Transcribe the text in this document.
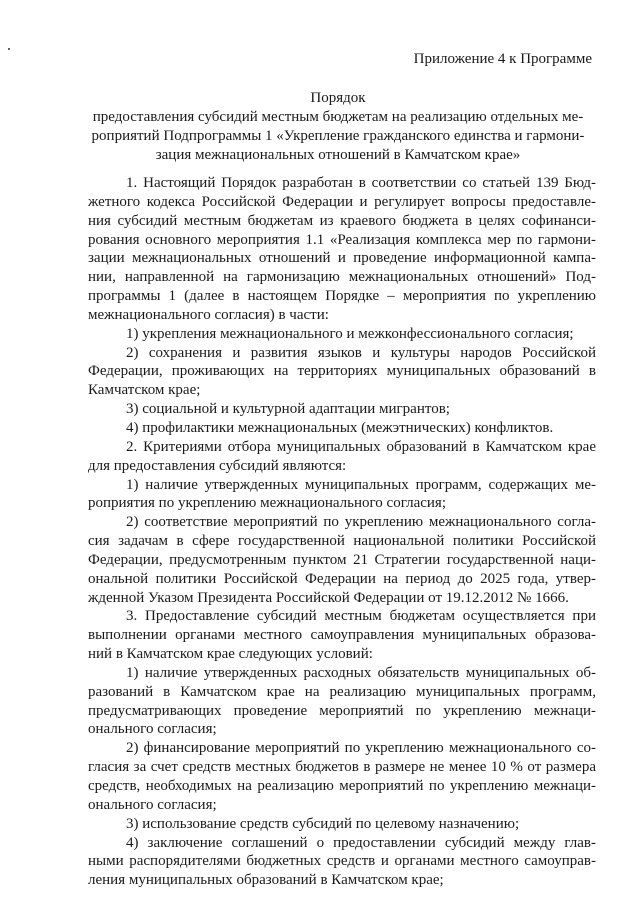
Приложение 4 к Программе
Порядок
предоставления субсидий местным бюджетам на реализацию отдельных ме-
роприятий Подпрограммы 1 «Укрепление гражданского единства и гармони-
зация межнациональных отношений в Камчатском крае»
1. Настоящий Порядок разработан в соответствии со статьей 139 Бюд-
жетного кодекса Российской Федерации и регулирует вопросы предоставле-
ния субсидий местным бюджетам из краевого бюджета в целях софинанси-
рования основного мероприятия 1.1 «Реализация комплекса мер по гармони-
зации межнациональных отношений и проведение информационной кампа-
нии, направленной на гармонизацию межнациональных отношений» Под-
программы 1 (далее в настоящем Порядке – мероприятия по укреплению
межнационального согласия) в части:
1) укрепления межнационального и межконфессионального согласия;
2) сохранения и развития языков и культуры народов Российской
Федерации, проживающих на территориях муниципальных образований в
Камчатском крае;
3) социальной и культурной адаптации мигрантов;
4) профилактики межнациональных (межэтнических) конфликтов.
2. Критериями отбора муниципальных образований в Камчатском крае
для предоставления субсидий являются:
1) наличие утвержденных муниципальных программ, содержащих ме-
роприятия по укреплению межнационального согласия;
2) соответствие мероприятий по укреплению межнационального согла-
сия задачам в сфере государственной национальной политики Российской
Федерации, предусмотренным пунктом 21 Стратегии государственной наци-
ональной политики Российской Федерации на период до 2025 года, утвер-
жденной Указом Президента Российской Федерации от 19.12.2012 № 1666.
3. Предоставление субсидий местным бюджетам осуществляется при
выполнении органами местного самоуправления муниципальных образова-
ний в Камчатском крае следующих условий:
1) наличие утвержденных расходных обязательств муниципальных об-
разований в Камчатском крае на реализацию муниципальных программ,
предусматривающих проведение мероприятий по укреплению межнаци-
онального согласия;
2) финансирование мероприятий по укреплению межнационального со-
гласия за счет средств местных бюджетов в размере не менее 10 % от размера
средств, необходимых на реализацию мероприятий по укреплению межнаци-
онального согласия;
3) использование средств субсидий по целевому назначению;
4) заключение соглашений о предоставлении субсидий между глав-
ными распорядителями бюджетных средств и органами местного самоуправ-
ления муниципальных образований в Камчатском крае;
